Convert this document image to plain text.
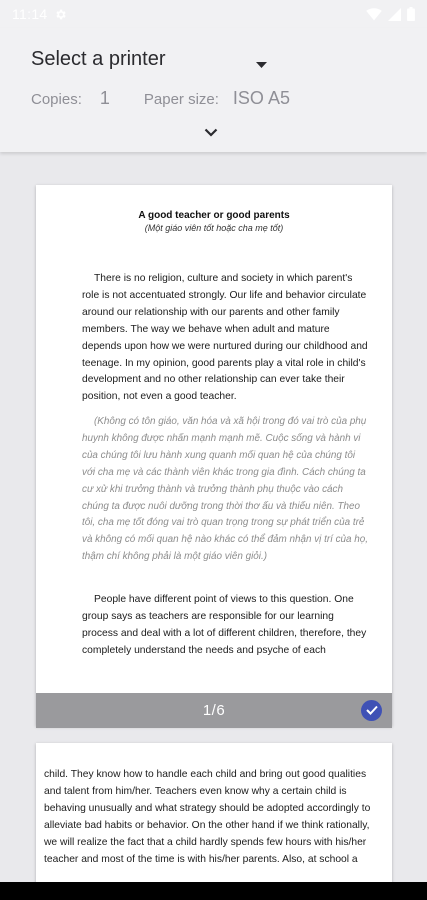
11:14
Select a printer
Copies: 1 Paper size: ISO A5
A good teacher or good parents
(Một giáo viên tốt hoặc cha mẹ tốt)
There is no religion, culture and society in which parent's role is not accentuated strongly. Our life and behavior circulate around our relationship with our parents and other family members. The way we behave when adult and mature depends upon how we were nurtured during our childhood and teenage. In my opinion, good parents play a vital role in child's development and no other relationship can ever take their position, not even a good teacher.
(Không có tôn giáo, văn hóa và xã hội trong đó vai trò của phụ huynh không được nhấn mạnh mạnh mẽ. Cuộc sống và hành vi của chúng tôi lưu hành xung quanh mối quan hệ của chúng tôi với cha mẹ và các thành viên khác trong gia đình. Cách chúng ta cư xử khi trưởng thành và trưởng thành phụ thuộc vào cách chúng ta được nuôi dưỡng trong thời thơ ấu và thiếu niên. Theo tôi, cha mẹ tốt đóng vai trò quan trọng trong sự phát triển của trẻ và không có mối quan hệ nào khác có thể đảm nhận vị trí của họ, thậm chí không phải là một giáo viên giỏi.)
People have different point of views to this question. One group says as teachers are responsible for our learning process and deal with a lot of different children, therefore, they completely understand the needs and psyche of each
1/6
child. They know how to handle each child and bring out good qualities and talent from him/her. Teachers even know why a certain child is behaving unusually and what strategy should be adopted accordingly to alleviate bad habits or behavior. On the other hand if we think rationally, we will realize the fact that a child hardly spends few hours with his/her teacher and most of the time is with his/her parents. Also, at school a
